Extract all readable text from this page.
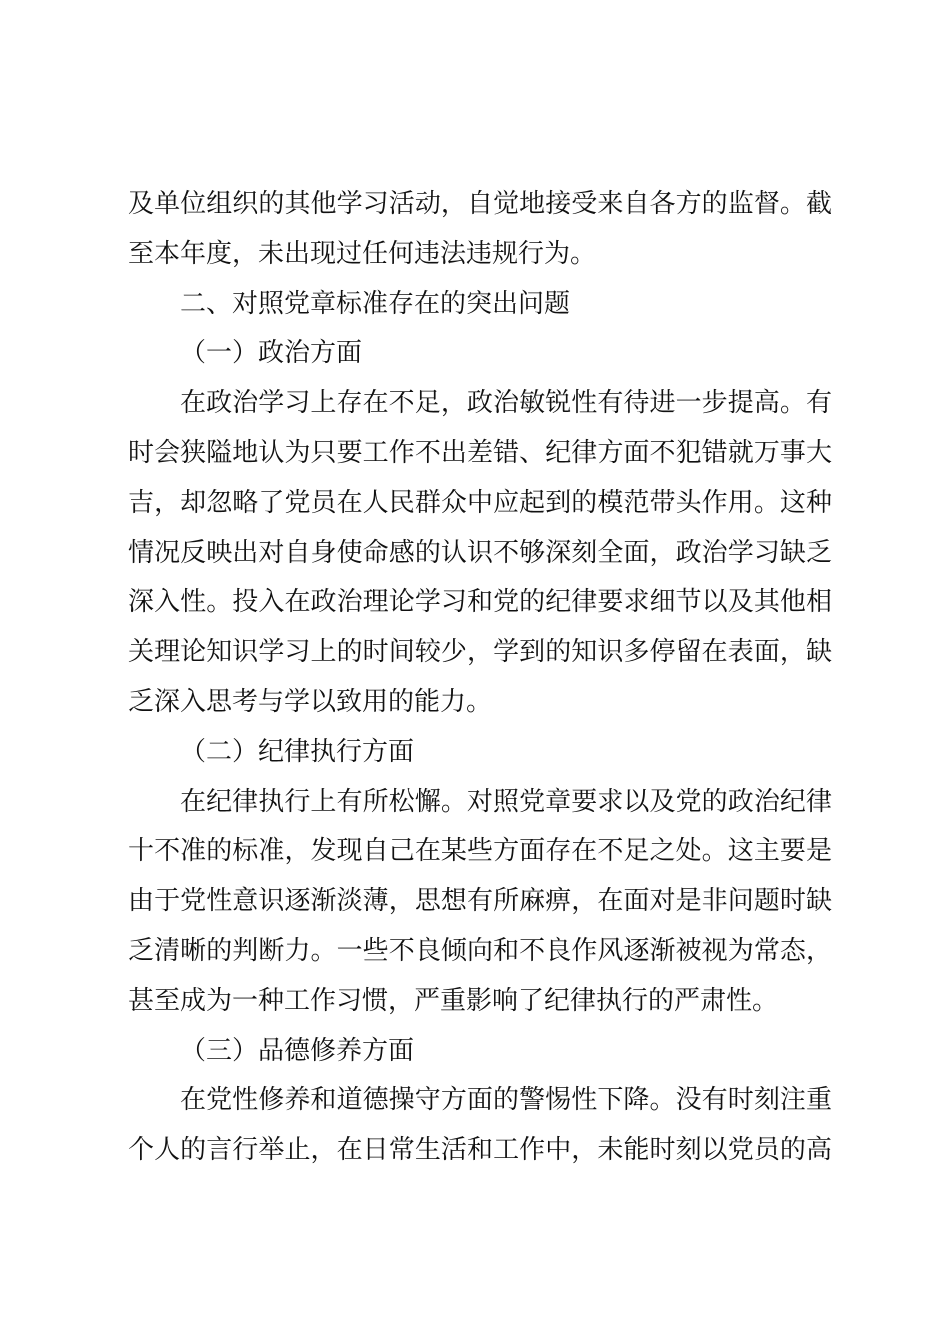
及单位组织的其他学习活动，自觉地接受来自各方的监督。截
至本年度，未出现过任何违法违规行为。
二、对照党章标准存在的突出问题
（一）政治方面
在政治学习上存在不足，政治敏锐性有待进一步提高。有
时会狭隘地认为只要工作不出差错、纪律方面不犯错就万事大
吉，却忽略了党员在人民群众中应起到的模范带头作用。这种
情况反映出对自身使命感的认识不够深刻全面，政治学习缺乏
深入性。投入在政治理论学习和党的纪律要求细节以及其他相
关理论知识学习上的时间较少，学到的知识多停留在表面，缺
乏深入思考与学以致用的能力。
（二）纪律执行方面
在纪律执行上有所松懈。对照党章要求以及党的政治纪律
十不准的标准，发现自己在某些方面存在不足之处。这主要是
由于党性意识逐渐淡薄，思想有所麻痹，在面对是非问题时缺
乏清晰的判断力。一些不良倾向和不良作风逐渐被视为常态，
甚至成为一种工作习惯，严重影响了纪律执行的严肃性。
（三）品德修养方面
在党性修养和道德操守方面的警惕性下降。没有时刻注重
个人的言行举止，在日常生活和工作中，未能时刻以党员的高
